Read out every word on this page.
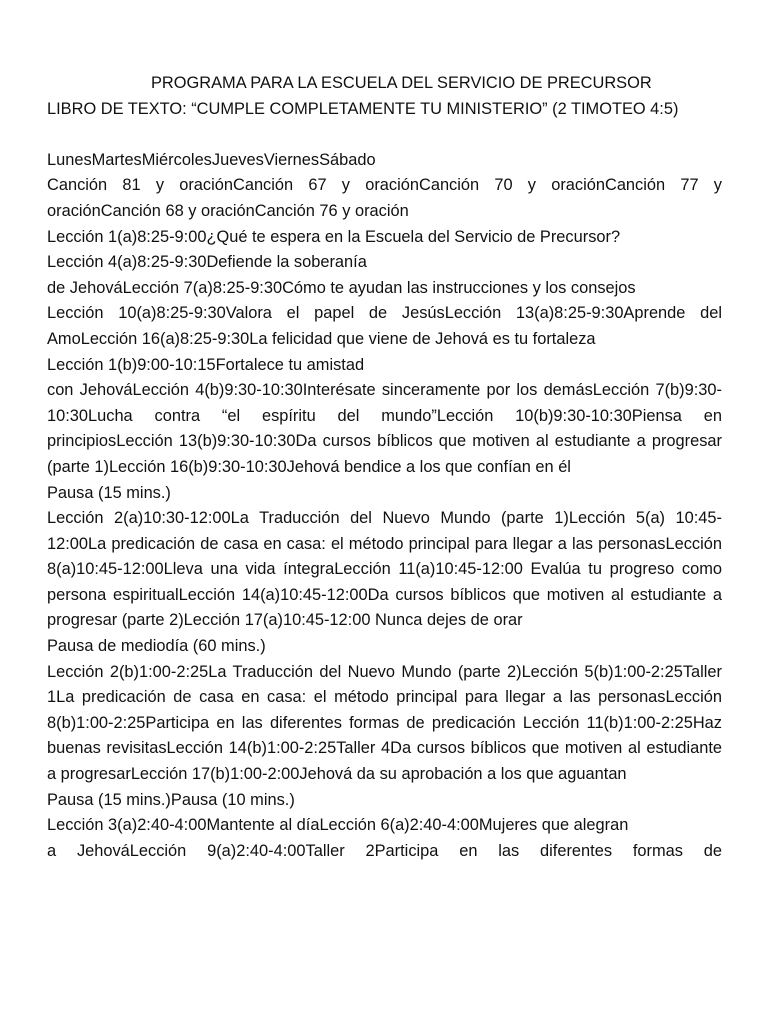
PROGRAMA PARA LA ESCUELA DEL SERVICIO DE PRECURSOR
LIBRO DE TEXTO: “CUMPLE COMPLETAMENTE TU MINISTERIO” (2 TIMOTEO 4:5)
LunesMartesMiércolesJuevesViernesSábado
Canción 81 y oraciónCanción 67 y oraciónCanción 70 y oraciónCanción 77 y oraciónCanción 68 y oraciónCanción 76 y oración
Lección 1(a)8:25-9:00¿Qué te espera en la Escuela del Servicio de Precursor?
Lección 4(a)8:25-9:30Defiende la soberanía
de JehováLección 7(a)8:25-9:30Cómo te ayudan las instrucciones y los consejos
Lección 10(a)8:25-9:30Valora el papel de JesúsLección 13(a)8:25-9:30Aprende del AmoLección 16(a)8:25-9:30La felicidad que viene de Jehová es tu fortaleza
Lección 1(b)9:00-10:15Fortalece tu amistad
con JehováLección 4(b)9:30-10:30Interésate sinceramente por los demásLección 7(b)9:30-10:30Lucha contra “el espíritu del mundo”Lección 10(b)9:30-10:30Piensa en principiosLección 13(b)9:30-10:30Da cursos bíblicos que motiven al estudiante a progresar (parte 1)Lección 16(b)9:30-10:30Jehová bendice a los que confían en él
Pausa (15 mins.)
Lección 2(a)10:30-12:00La Traducción del Nuevo Mundo (parte 1)Lección 5(a) 10:45-12:00La predicación de casa en casa: el método principal para llegar a las personasLección 8(a)10:45-12:00Lleva una vida íntegraLección 11(a)10:45-12:00 Evalúa tu progreso como persona espiritualLección 14(a)10:45-12:00Da cursos bíblicos que motiven al estudiante a progresar (parte 2)Lección 17(a)10:45-12:00 Nunca dejes de orar
Pausa de mediodía (60 mins.)
Lección 2(b)1:00-2:25La Traducción del Nuevo Mundo (parte 2)Lección 5(b)1:00-2:25Taller 1La predicación de casa en casa: el método principal para llegar a las personasLección 8(b)1:00-2:25Participa en las diferentes formas de predicación Lección 11(b)1:00-2:25Haz buenas revisitasLección 14(b)1:00-2:25Taller 4Da cursos bíblicos que motiven al estudiante a progresarLección 17(b)1:00-2:00Jehová da su aprobación a los que aguantan
Pausa (15 mins.)Pausa (10 mins.)
Lección 3(a)2:40-4:00Mantente al díaLección 6(a)2:40-4:00Mujeres que alegran
a JehováLección 9(a)2:40-4:00Taller 2Participa en las diferentes formas de
